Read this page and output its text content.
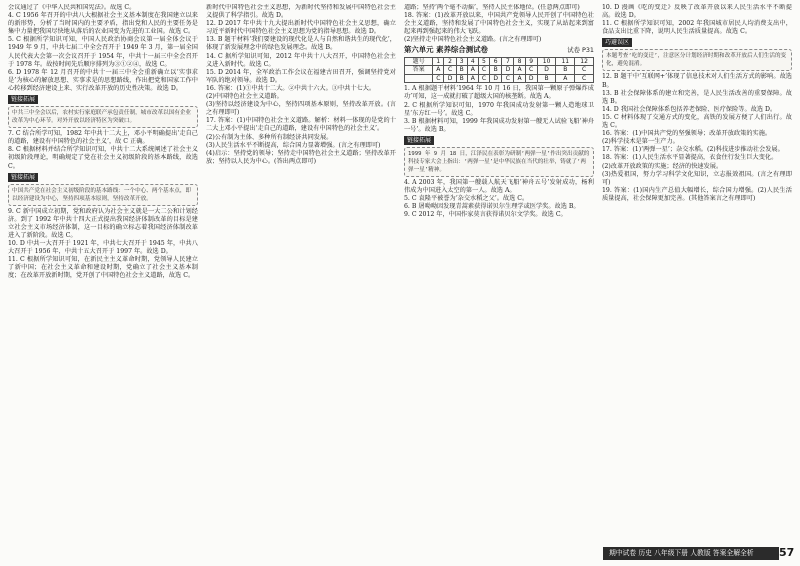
会议通过了《中华人民共和国宪法》。故选 C。

4. C 1956 年召开的中共八大根据社会主义基本制度在我国建立以来的新形势，分析了当时国内的主要矛盾，指出党和人民的主要任务是集中力量把我国尽快地从落后的农业国变为先进的工业国。故选 C。

5. C 根据所学知识可知，中国人民政治协商会议第一届全体会议于 1949 年 9 月，中共七届二中全会召开于 1949 年 3 月，第一届全国人民代表大会第一次会议召开于 1954 年，中共十一届三中全会召开于 1978 年。故按时间先后顺序排列为③①②④，故选 C。

6. D 1978 年 12 月召开的中共十一届三中全会重新确立以‘实事求是’为核心的解放思想、实事求是的思想路线，作出把党和国家工作中心转移到经济建设上来、实行改革开放的历史性决策。故选 D。

链接拓展
中共三中全会以后，农村实行家庭联产承包责任制，城市改革以国有企业改革为中心环节。对外开放以经济特区为突破口。

7. C 结合所学可知，1982 年中共十二大上，邓小平明确提出‘走自己的道路，建设有中国特色的社会主义’，故 C 正确。

8. C 根据材料并结合所学知识可知，中共十二大系统阐述了社会主义初级阶段理论，明确规定了党在社会主义初级阶段的基本路线，故选 C。

链接拓展
中国共产党在社会主义初级阶段的基本路线：一个中心、两个基本点，即以经济建设为中心，坚持四项基本原则，坚持改革开放。

9. C 新中国成立初期，党和政府认为社会主义就是一大二公和计划经济。到了 1992 年中共十四大正式提出我国经济体制改革的目标是建立社会主义市场经济体制，这一目标的确立标志着我国经济体制改革进入了新阶段。故选 C。

10. D 中共一大召开于 1921 年，中共七大召开于 1945 年，中共八大召开于 1956 年，中共十五大召开于 1997 年。故选 D。

11. C 根据所学知识可知，在新民主主义革命时期，党领导人民建立了新中国；在社会主义革命和建设时期，党确立了社会主义基本制度；在改革开放新时期，党开创了中国特色社会主义道路，故选 C。

新时代中国特色社会主义思想，为新时代坚持和发展中国特色社会主义提供了科学指引。故选 D。

12. D 2017 年中共十九大提出新时代中国特色社会主义思想，确立习近平新时代中国特色社会主义思想为党的指导思想。故选 D。

13. B 题干材料‘我们要建设的现代化是人与自然和谐共生的现代化’，体现了新发展理念中的绿色发展理念。故选 B。

14. C 据所学知识可知，2012 年中共十八大召开，中国特色社会主义进入新时代。故选 C。

15. D 2014 年，全军政治工作会议在福建古田召开，强调坚持党对军队的绝对领导。故选 D。

16. 答案：(1)①中共十二大。②中共十六大。③中共十七大。

(2)中国特色社会主义道路。

(3)坚持以经济建设为中心，坚持四项基本原则，坚持改革开放。(言之有理即可)

17. 答案：(1)中国特色社会主义道路。解析：材料一体现的是党的十二大上邓小平提出‘走自己的道路，建设有中国特色的社会主义’。

(2)公有制为主体、多种所有制经济共同发展。

(3)人民生活水平不断提高，综合国力显著增强。(言之有理即可)

(4)启示：坚持党的领导；坚持走中国特色社会主义道路；坚持改革开放；坚持以人民为中心。(答出两点即可)

道路；坚持‘两个毫不动摇’，坚持人民主体地位。(任意两点即可)

18. 答案：(1)改革开放以来，中国共产党领导人民开创了中国特色社会主义道路，坚持和发展了中国特色社会主义，实现了从站起来到富起来再到强起来的伟大飞跃。

(2)坚持走中国特色社会主义道路。(言之有理即可)

第六单元 素养综合测试卷	试卷 P31
题号	1	2	3	4	5	6	7	8	9	10	11	12
答案	A	C	B	A	C	B	D	A	C	D	B	C
	C	D	B	A	C	D	C	A	D	B	A	C

1. A 根据题干材料‘1964 年 10 月 16 日，我国第一颗原子弹爆炸成功’可知，这一成就打破了超级大国的核垄断。故选 A。

2. C 根据所学知识可知，1970 年我国成功发射第一颗人造地球卫星‘东方红一号’。故选 C。

3. B 根据材料可知，1999 年我国成功发射第一艘无人试验飞船‘神舟一号’。故选 B。

链接拓展
1999 年 9 月 18 日，江泽民在表彰为研制‘两弹一星’作出突出贡献的科技专家大会上指出：‘两弹一星’是中华民族在当代的壮举，铸就了‘两弹一星’精神。

4. A 2003 年，我国第一艘载人航天飞船‘神舟五号’发射成功，杨利伟成为中国进入太空的第一人。故选 A。

5. C 袁隆平被誉为‘杂交水稻之父’。故选 C。

6. B 屠呦呦因发现青蒿素获得诺贝尔生理学或医学奖。故选 B。

9. C 2012 年，中国作家莫言获得诺贝尔文学奖。故选 C。

10. D 漫画《吃的变迁》反映了改革开放以来人民生活水平不断提高。故选 D。

11. C 根据所学知识可知，2002 年我国城市居民人均消费支出中，食品支出比重下降，说明人民生活质量提高。故选 C。

巧避误区
本题考查‘吃的变迁’，注意区分计划经济时期和改革开放后人们生活的变化，避免混淆。

12. B 题干中‘互联网+’体现了信息技术对人们生活方式的影响。故选 B。

13. B 社会保障体系的建立和完善，是人民生活改善的重要保障。故选 B。

14. D 我国社会保障体系包括养老保险、医疗保险等。故选 D。

15. C 材料体现了交通方式的变化，高铁的发展方便了人们出行。故选 C。

16. 答案：(1)中国共产党的坚强领导；改革开放政策的实施。

(2)科学技术是第一生产力。

17. 答案：(1)‘两弹一星’；杂交水稻。(2)科技进步推动社会发展。

18. 答案：(1)人民生活水平显著提高，衣食住行发生巨大变化。

(2)改革开放政策的实施；经济的快速发展。

(3)热爱祖国，努力学习科学文化知识，立志报效祖国。(言之有理即可)

19. 答案：(1)国内生产总值大幅增长，综合国力增强。(2)人民生活质量提高，社会保障更加完善。(其他答案言之有理即可)

期中试卷 历史 八年级下册 人教版 答案全解全析	57
